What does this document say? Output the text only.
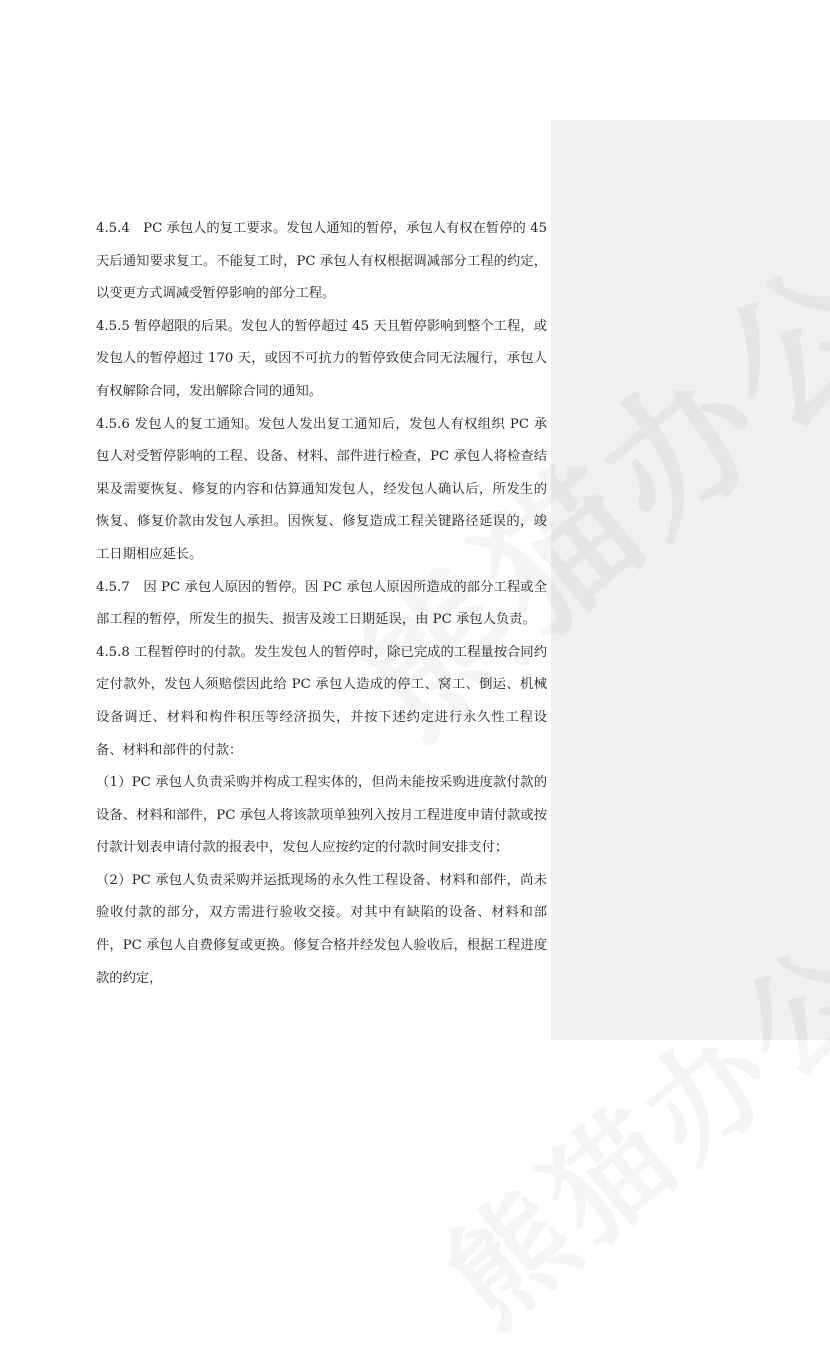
4.5.4　PC 承包人的复工要求。发包人通知的暂停，承包人有权在暂停的 45 天后通知要求复工。不能复工时，PC 承包人有权根据调减部分工程的约定，以变更方式调减受暂停影响的部分工程。

4.5.5 暂停超限的后果。发包人的暂停超过 45 天且暂停影响到整个工程，或发包人的暂停超过 170 天，或因不可抗力的暂停致使合同无法履行，承包人有权解除合同，发出解除合同的通知。

4.5.6 发包人的复工通知。发包人发出复工通知后，发包人有权组织 PC 承包人对受暂停影响的工程、设备、材料、部件进行检查，PC 承包人将检查结果及需要恢复、修复的内容和估算通知发包人，经发包人确认后，所发生的恢复、修复价款由发包人承担。因恢复、修复造成工程关键路径延误的，竣工日期相应延长。

4.5.7　因 PC 承包人原因的暂停。因 PC 承包人原因所造成的部分工程或全部工程的暂停，所发生的损失、损害及竣工日期延误，由 PC 承包人负责。

4.5.8 工程暂停时的付款。发生发包人的暂停时，除已完成的工程量按合同约定付款外，发包人须赔偿因此给 PC 承包人造成的停工、窝工、倒运、机械设备调迁、材料和构件积压等经济损失，并按下述约定进行永久性工程设备、材料和部件的付款：

（1）PC 承包人负责采购并构成工程实体的，但尚未能按采购进度款付款的设备、材料和部件，PC 承包人将该款项单独列入按月工程进度申请付款或按付款计划表申请付款的报表中，发包人应按约定的付款时间安排支付；

（2）PC 承包人负责采购并运抵现场的永久性工程设备、材料和部件，尚未验收付款的部分，双方需进行验收交接。对其中有缺陷的设备、材料和部件，PC 承包人自费修复或更换。修复合格并经发包人验收后，根据工程进度款的约定，
